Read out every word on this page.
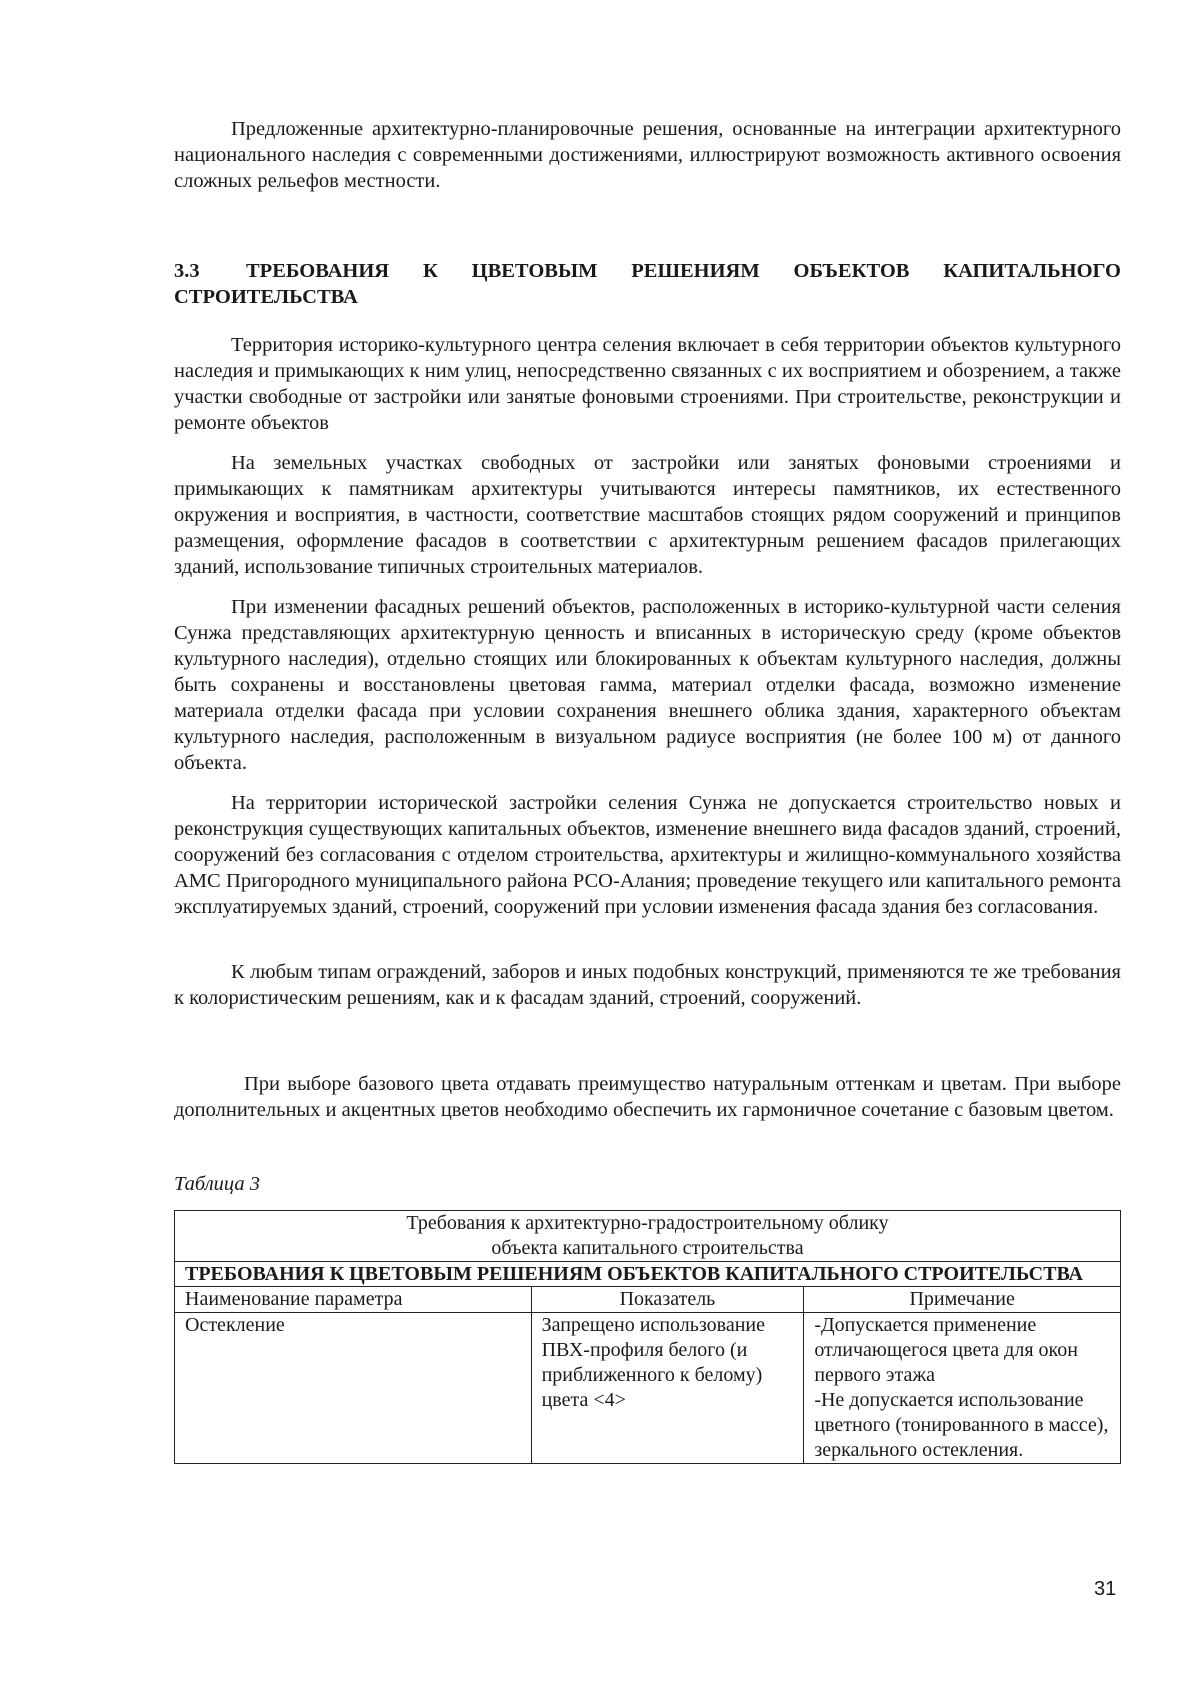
Предложенные архитектурно-планировочные решения, основанные на интеграции архитектурного национального наследия с современными достижениями, иллюстрируют возможность активного освоения сложных рельефов местности.

3.3 ТРЕБОВАНИЯ К ЦВЕТОВЫМ РЕШЕНИЯМ ОБЪЕКТОВ КАПИТАЛЬНОГО СТРОИТЕЛЬСТВА

Территория историко-культурного центра селения включает в себя территории объектов культурного наследия и примыкающих к ним улиц, непосредственно связанных с их восприятием и обозрением, а также участки свободные от застройки или занятые фоновыми строениями. При строительстве, реконструкции и ремонте объектов

На земельных участках свободных от застройки или занятых фоновыми строениями и примыкающих к памятникам архитектуры учитываются интересы памятников, их естественного окружения и восприятия, в частности, соответствие масштабов стоящих рядом сооружений и принципов размещения, оформление фасадов в соответствии с архитектурным решением фасадов прилегающих зданий, использование типичных строительных материалов.

При изменении фасадных решений объектов, расположенных в историко-культурной части селения Сунжа представляющих архитектурную ценность и вписанных в историческую среду (кроме объектов культурного наследия), отдельно стоящих или блокированных к объектам культурного наследия, должны быть сохранены и восстановлены цветовая гамма, материал отделки фасада, возможно изменение материала отделки фасада при условии сохранения внешнего облика здания, характерного объектам культурного наследия, расположенным в визуальном радиусе восприятия (не более 100 м) от данного объекта.

На территории исторической застройки селения Сунжа не допускается строительство новых и реконструкция существующих капитальных объектов, изменение внешнего вида фасадов зданий, строений, сооружений без согласования с отделом строительства, архитектуры и жилищно-коммунального хозяйства АМС Пригородного муниципального района РСО-Алания; проведение текущего или капитального ремонта эксплуатируемых зданий, строений, сооружений при условии изменения фасада здания без согласования.

К любым типам ограждений, заборов и иных подобных конструкций, применяются те же требования к колористическим решениям, как и к фасадам зданий, строений, сооружений.

При выборе базового цвета отдавать преимущество натуральным оттенкам и цветам. При выборе дополнительных и акцентных цветов необходимо обеспечить их гармоничное сочетание с базовым цветом.

Таблица 3
Требования к архитектурно-градостроительному облику
объекта капитального строительства		

ТРЕБОВАНИЯ К ЦВЕТОВЫМ РЕШЕНИЯМ ОБЪЕКТОВ КАПИТАЛЬНОГО СТРОИТЕЛЬСТВА		

Наименование параметра	Показатель	Примечание
Остекление	Запрещено использование ПВХ-профиля белого (и приближенного к белому) цвета <4>	-Допускается применение отличающегося цвета для окон первого этажа
-Не допускается использование цветного (тонированного в массе), зеркального остекления.
31
